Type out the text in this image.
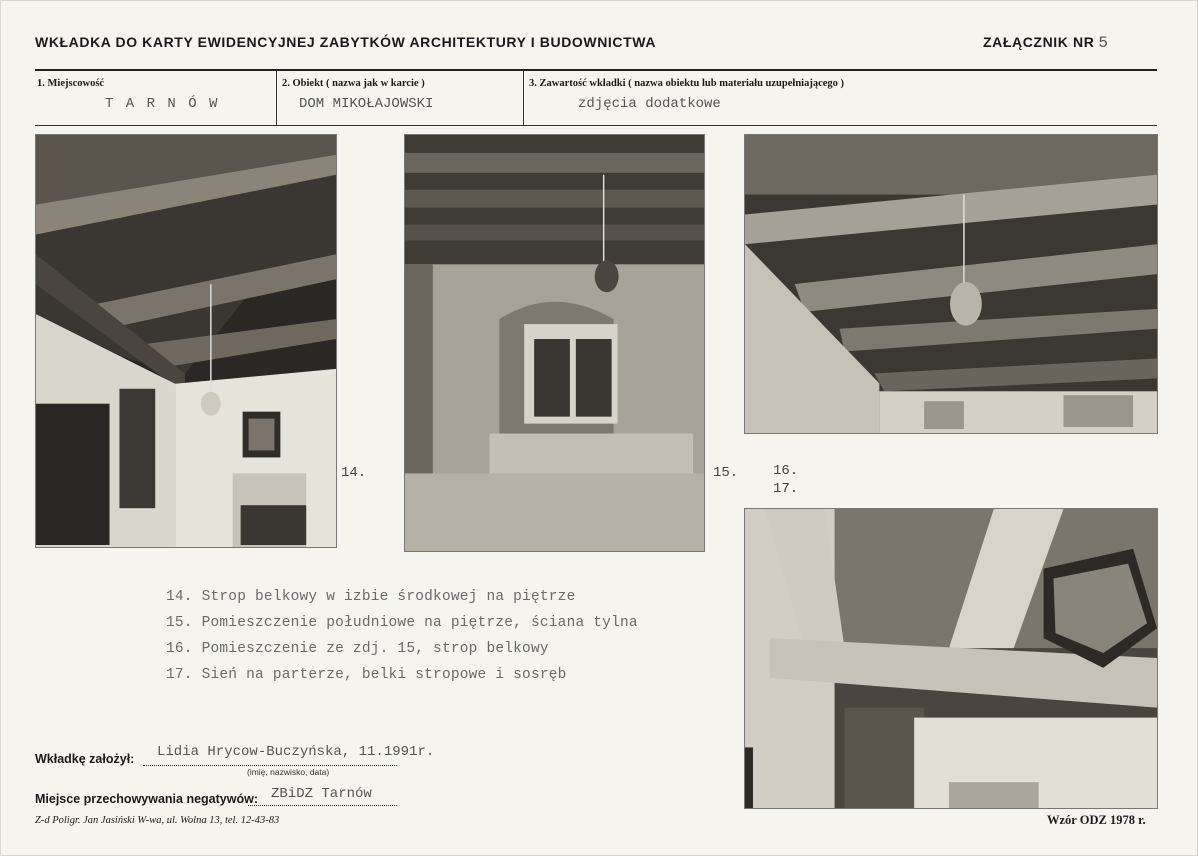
WKŁADKA DO KARTY EWIDENCYJNEJ ZABYTKÓW ARCHITEKTURY I BUDOWNICTWA	ZAŁĄCZNIK NR 5
1. Miejscowość
T A R N Ó W
2. Obiekt ( nazwa jak w karcie )
DOM MIKOŁAJOWSKI
3. Zawartość wkładki ( nazwa obiektu lub materiału uzupełniającego )
zdjęcia dodatkowe
14.	15. 16.
17.
14. Strop belkowy w izbie środkowej na piętrze
15. Pomieszczenie południowe na piętrze, ściana tylna
16. Pomieszczenie ze zdj. 15, strop belkowy
17. Sień na parterze, belki stropowe i sosręb
Wkładkę założył: Lidia Hrycow-Buczyńska, 11.1991r.
(imię, nazwisko, data)
Miejsce przechowywania negatywów: ZBiDZ Tarnów
Z-d Poligr. Jan Jasiński W-wa, ul. Wolna 13, tel. 12-43-83	Wzór ODZ 1978 r.
